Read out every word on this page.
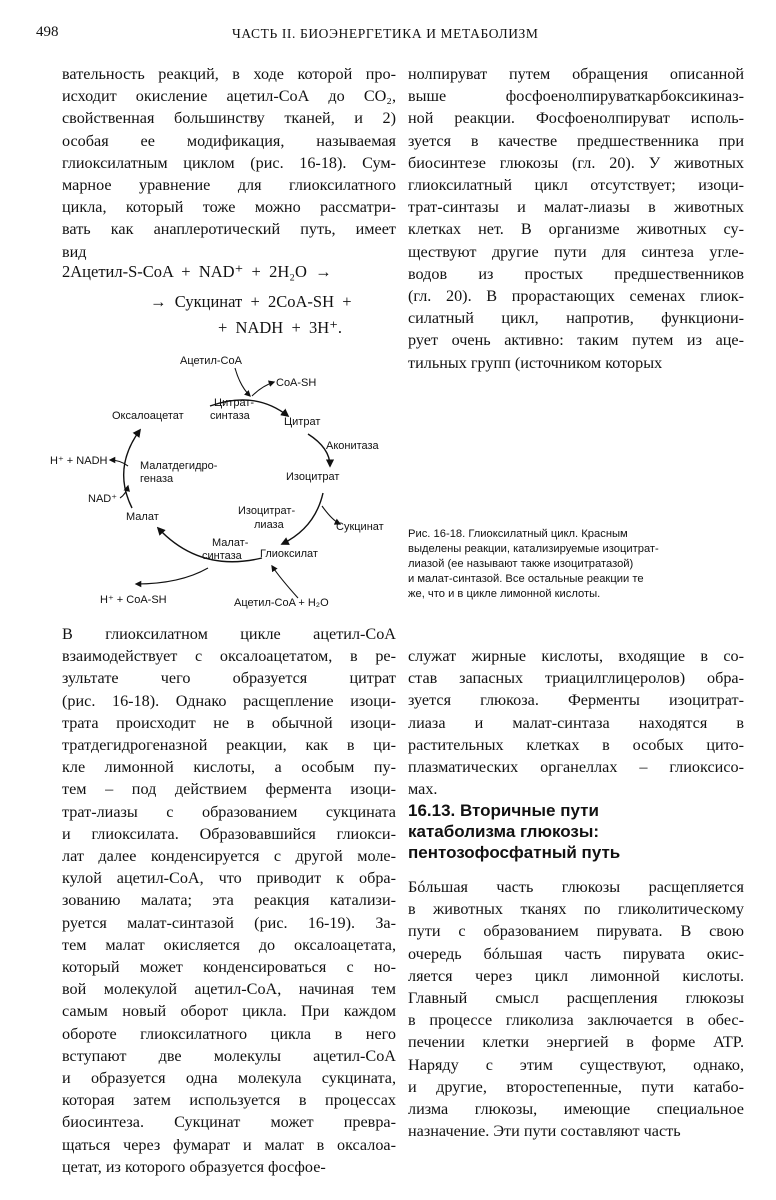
498	ЧАСТЬ II. БИОЭНЕРГЕТИКА И МЕТАБОЛИЗМ
вательность реакций, в ходе которой про-
исходит окисление ацетил-СоА до CO₂,
свойственная большинству тканей, и 2)
особая ее модификация, называемая
глиоксилатным циклом (рис. 16-18). Сум-
марное уравнение для глиоксилатного
цикла, который тоже можно рассматри-
вать как анаплеротический путь, имеет
вид
2Ацетил-S-CoA  +  NAD⁺  +  2H₂O  →
→  Сукцинат  +  2CoA-SH  +
+  NADH  +  3H⁺.
нолпируват путем обращения описанной
выше фосфоенолпируваткарбоксикиназ-
ной реакции. Фосфоенолпируват исполь-
зуется в качестве предшественника при
биосинтезе глюкозы (гл. 20). У животных
глиоксилатный цикл отсутствует; изоци-
трат-синтазы и малат-лиазы в животных
клетках нет. В организме животных су-
ществуют другие пути для синтеза угле-
водов из простых предшественников
(гл. 20). В прорастающих семенах глиок-
силатный цикл, напротив, функциони-
рует очень активно: таким путем из аце-
тильных групп (источником которых
Ацетил-CoA
CoA-SH
Цитрат-
синтаза
Оксалоацетат	Цитрат
Аконитаза
H⁺ + NADH	Малатдегидро-
геназа	Изоцитрат
NAD⁺
Изоцитрат-
лиаза
Малат
Сукцинат
Малат-
синтаза Глиоксилат
H⁺ + CoA-SH	Ацетил-CoA + H₂O
Рис. 16-18. Глиоксилатный цикл. Красным
выделены реакции, катализируемые изоцитрат-
лиазой (ее называют также изоцитратазой)
и малат-синтазой. Все остальные реакции те
же, что и в цикле лимонной кислоты.
В глиоксилатном цикле ацетил-СоА
взаимодействует с оксалоацетатом, в ре-
зультате чего образуется цитрат
(рис. 16-18). Однако расщепление изоци-
трата происходит не в обычной изоци-
тратдегидрогеназной реакции, как в ци-
кле лимонной кислоты, а особым пу-
тем – под действием фермента изоци-
трат-лиазы с образованием сукцината
и глиоксилата. Образовавшийся глиокси-
лат далее конденсируется с другой моле-
кулой ацетил-СоА, что приводит к обра-
зованию малата; эта реакция катализи-
руется малат-синтазой (рис. 16-19). За-
тем малат окисляется до оксалоацетата,
который может конденсироваться с но-
вой молекулой ацетил-СоА, начиная тем
самым новый оборот цикла. При каждом
обороте глиоксилатного цикла в него
вступают две молекулы ацетил-СоА
и образуется одна молекула сукцината,
которая затем используется в процессах
биосинтеза. Сукцинат может превра-
щаться через фумарат и малат в оксалоа-
цетат, из которого образуется фосфое-
служат жирные кислоты, входящие в со-
став запасных триацилглицеролов) обра-
зуется глюкоза. Ферменты изоцитрат-
лиаза и малат-синтаза находятся в
растительных клетках в особых цито-
плазматических органеллах – глиоксисо-
мах.
16.13. Вторичные пути
катаболизма глюкозы:
пентозофосфатный путь
Бóльшая часть глюкозы расщепляется
в животных тканях по гликолитическому
пути с образованием пирувата. В свою
очередь бóльшая часть пирувата окис-
ляется через цикл лимонной кислоты.
Главный смысл расщепления глюкозы
в процессе гликолиза заключается в обес-
печении клетки энергией в форме ATP.
Наряду с этим существуют, однако,
и другие, второстепенные, пути катабо-
лизма глюкозы, имеющие специальное
назначение. Эти пути составляют часть
